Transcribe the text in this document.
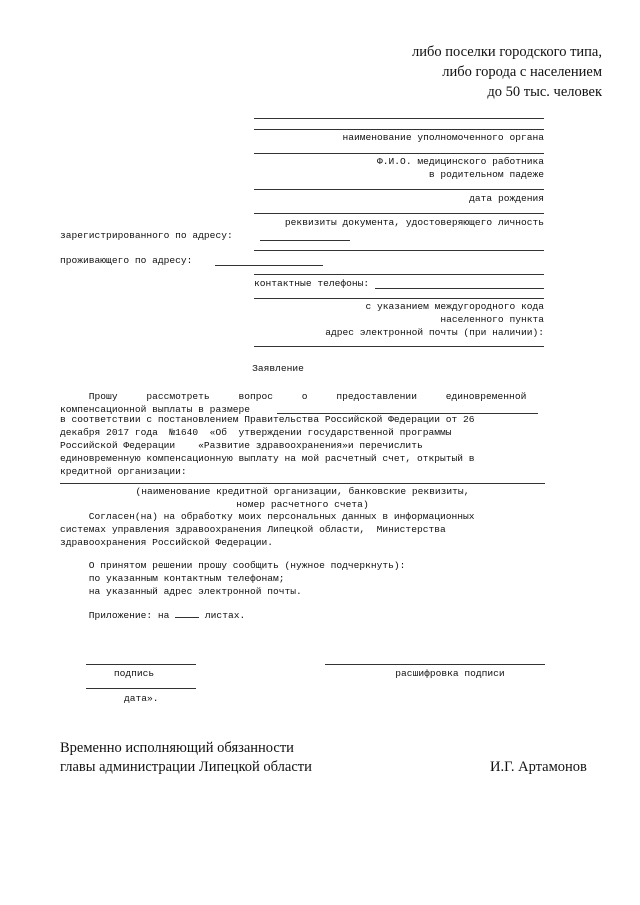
либо поселки городского типа,
либо города с населением
до 50 тыс. человек
наименование уполномоченного органа
Ф.И.О. медицинского работника
в родительном падеже
дата рождения
реквизиты документа, удостоверяющего личность
зарегистрированного по адресу:
проживающего по адресу:
контактные телефоны:
с указанием междугородного кода
населенного пункта
адрес электронной почты (при наличии):
Заявление
Прошу     рассмотреть     вопрос     о     предоставлении     единовременной
компенсационной выплаты в размере
в соответствии с постановлением Правительства Российской Федерации от 26
декабря 2017 года  №1640  «Об  утверждении государственной программы
Российской Федерации    «Развитие здравоохранения»и перечислить
единовременную компенсационную выплату на мой расчетный счет, открытый в
кредитной организации:
(наименование кредитной организации, банковские реквизиты,
номер расчетного счета)
Согласен(на) на обработку моих персональных данных в информационных
системах управления здравоохранения Липецкой области,  Министерства
здравоохранения Российской Федерации.
О принятом решении прошу сообщить (нужное подчеркнуть):
по указанным контактным телефонам;
на указанный адрес электронной почты.
Приложение: на	листах.
подпись	расшифровка подписи
дата».
Временно исполняющий обязанности
главы администрации Липецкой области	И.Г. Артамонов
